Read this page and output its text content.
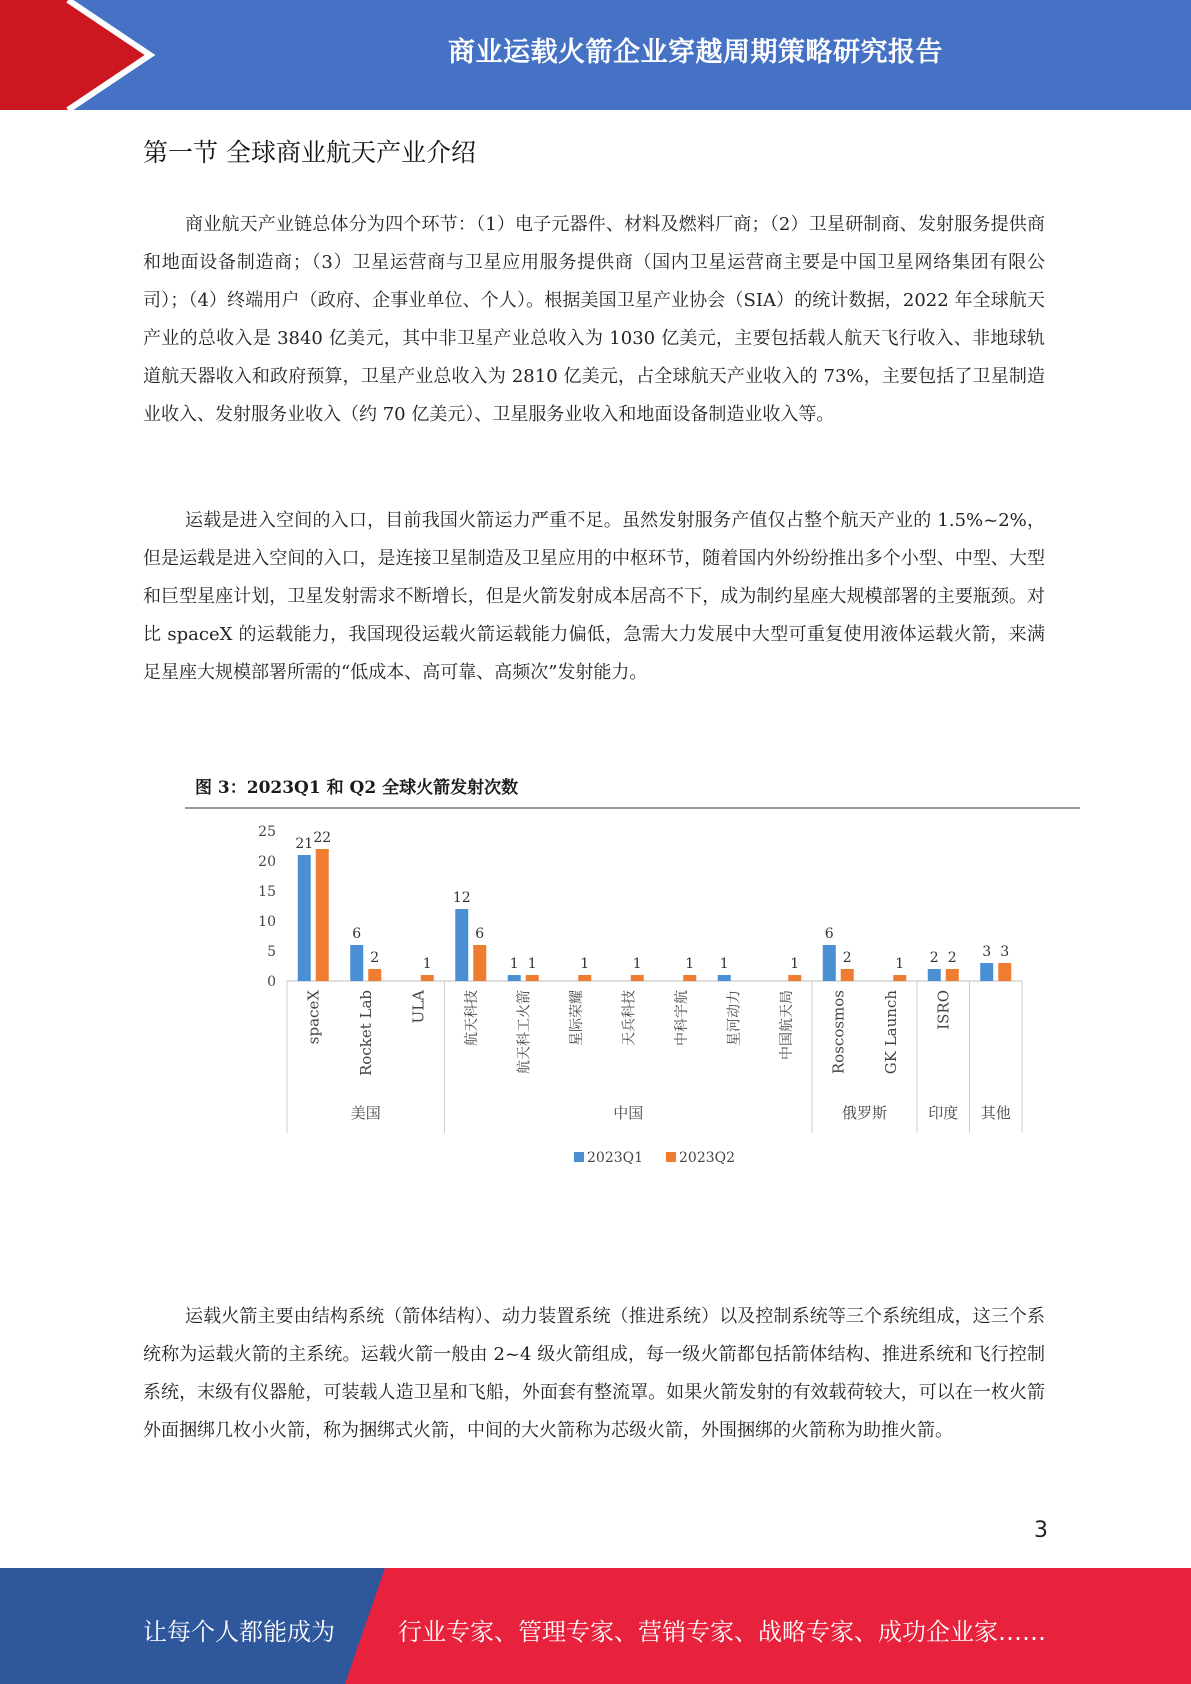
商业运载火箭企业穿越周期策略研究报告
第一节 全球商业航天产业介绍

商业航天产业链总体分为四个环节：（1）电子元器件、材料及燃料厂商；（2）卫星研制商、发射服务提供商和地面设备制造商；（3）卫星运营商与卫星应用服务提供商（国内卫星运营商主要是中国卫星网络集团有限公司）；（4）终端用户（政府、企事业单位、个人）。根据美国卫星产业协会（SIA）的统计数据，2022 年全球航天产业的总收入是 3840 亿美元，其中非卫星产业总收入为 1030 亿美元，主要包括载人航天飞行收入、非地球轨道航天器收入和政府预算，卫星产业总收入为 2810 亿美元，占全球航天产业收入的 73%，主要包括了卫星制造业收入、发射服务业收入（约 70 亿美元）、卫星服务业收入和地面设备制造业收入等。

运载是进入空间的入口，目前我国火箭运力严重不足。虽然发射服务产值仅占整个航天产业的 1.5%~2%，但是运载是进入空间的入口，是连接卫星制造及卫星应用的中枢环节，随着国内外纷纷推出多个小型、中型、大型和巨型星座计划，卫星发射需求不断增长，但是火箭发射成本居高不下，成为制约星座大规模部署的主要瓶颈。对比 spaceX 的运载能力，我国现役运载火箭运载能力偏低，急需大力发展中大型可重复使用液体运载火箭，来满足星座大规模部署所需的“低成本、高可靠、高频次”发射能力。

图 3：2023Q1 和 Q2 全球火箭发射次数
0
5
10
15
20
25
21
6
12
1	1
6
2	3
22
2	1
6
1	1	1	1	1	2	1	2	3
spaceX Rocket Lab ULA	航天科技	航天科工火箭	星际荣耀	天兵科技	中科宇航	星河动力	中国航天局 Roscosmos GK Launch ISRO
美国	中国	俄罗斯	印度 其他
2023Q1	2023Q2

运载火箭主要由结构系统（箭体结构）、动力装置系统（推进系统）以及控制系统等三个系统组成，这三个系统称为运载火箭的主系统。运载火箭一般由 2~4 级火箭组成，每一级火箭都包括箭体结构、推进系统和飞行控制系统，末级有仪器舱，可装载人造卫星和飞船，外面套有整流罩。如果火箭发射的有效载荷较大，可以在一枚火箭外面捆绑几枚小火箭，称为捆绑式火箭，中间的大火箭称为芯级火箭，外围捆绑的火箭称为助推火箭。

3
让每个人都能成为	行业专家、管理专家、营销专家、战略专家、成功企业家……
